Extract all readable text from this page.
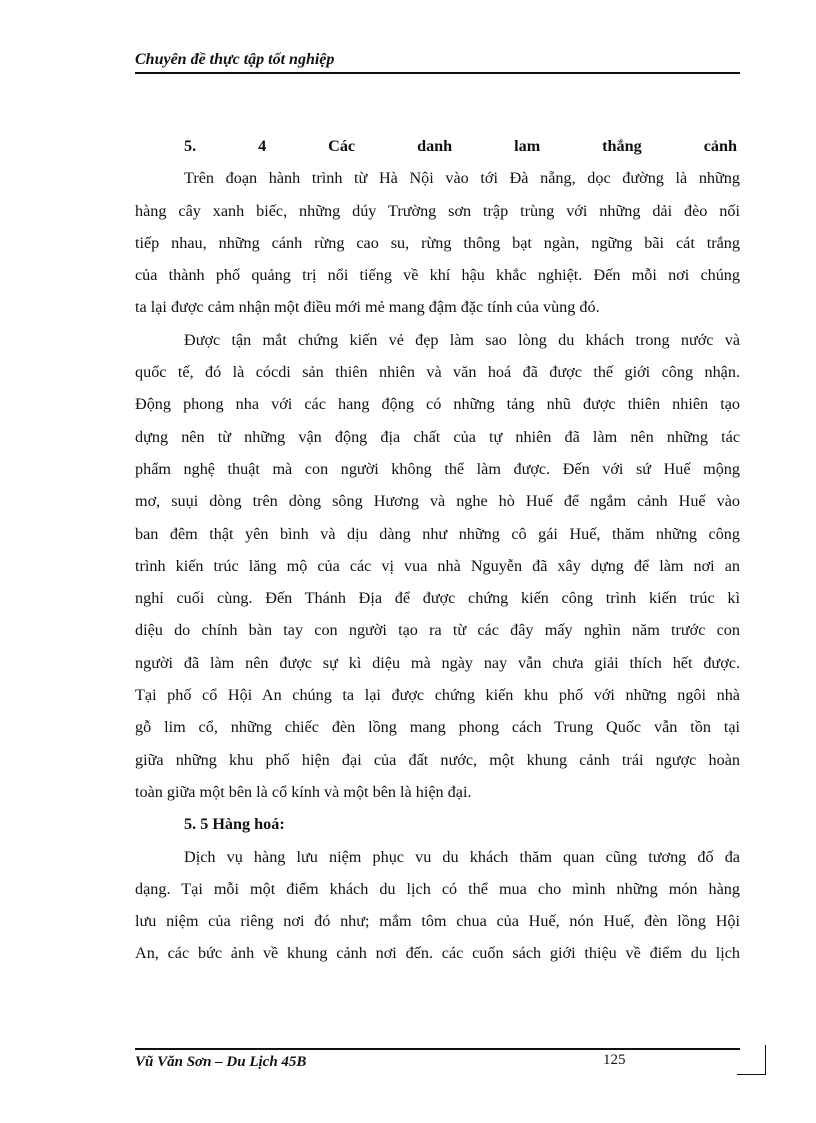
Chuyên đề thực tập tốt nghiệp
5.	4	Các	danh	lam	thắng	cảnh
Trên đoạn hành trình từ Hà Nội vào tới Đà nẵng, dọc đường là những
hàng cây xanh biếc, những dúy Trường sơn trập trùng với những dải đèo nối
tiếp nhau, những cánh rừng cao su, rừng thông bạt ngàn, ngững bãi cát trắng
của thành phố quảng trị nổi tiếng về khí hậu khắc nghiệt. Đến mỗi nơi chúng
ta lại được cảm nhận một điều mới mẻ mang đậm đặc tính của vùng đó.
Được tận mắt chứng kiến vẻ đẹp làm sao lòng du khách trong nước và
quốc tế, đó là cócdi sản thiên nhiên và văn hoá đã được thế giới công nhận.
Động phong nha với các hang động có những tảng nhũ được thiên nhiên tạo
dựng nên từ những vận động địa chất của tự nhiên đã làm nên những tác
phẩm nghệ thuật mà con người không thể làm được. Đến với sứ Huế mộng
mơ, suụi dòng trên dòng sông Hương và nghe hò Huế để ngắm cảnh Huế vào
ban đêm thật yên bình và dịu dàng như những cô gái Huế, thăm những công
trình kiến trúc lăng mộ của các vị vua nhà Nguyễn đã xây dựng để làm nơi an
nghỉ cuối cùng. Đến Thánh Địa để được chứng kiến công trình kiến trúc kì
diệu do chính bàn tay con người tạo ra từ các đây mấy nghìn năm trước con
người đã làm nên được sự kì diệu mà ngày nay vẫn chưa giải thích hết được.
Tại phố cổ Hội An chúng ta lại được chứng kiến khu phố với những ngôi nhà
gỗ lim cổ, những chiếc đèn lồng mang phong cách Trung Quốc vẫn tồn tại
giữa những khu phố hiện đại của đất nước, một khung cảnh trái ngược hoàn
toàn giữa một bên là cổ kính và một bên là hiện đại.
5. 5 Hàng hoá:
Dịch vụ hàng lưu niệm phục vu du khách thăm quan cũng tương đố đa
dạng. Tại mỗi một điểm khách du lịch có thể mua cho mình những món hàng
lưu niệm của riêng nơi đó như; mắm tôm chua của Huế, nón Huế, đèn lồng Hội
An, các bức ảnh về khung cảnh nơi đến. các cuốn sách giới thiệu về điểm du lịch
Vũ Văn Sơn – Du Lịch 45B	125
